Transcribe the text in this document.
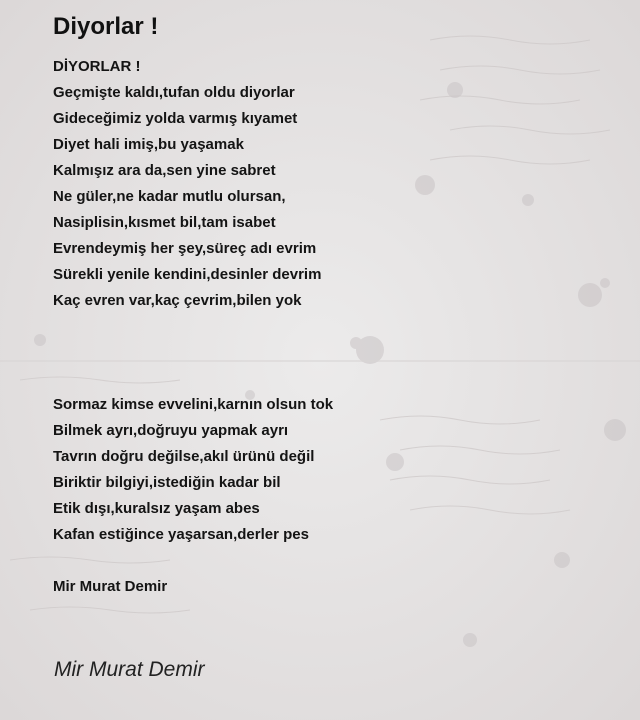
Diyorlar !
DİYORLAR !
Geçmişte kaldı,tufan oldu diyorlar
Gideceğimiz yolda varmış kıyamet
Diyet hali imiş,bu yaşamak
Kalmışız ara da,sen yine sabret
Ne güler,ne kadar mutlu olursan,
Nasiplisin,kısmet bil,tam isabet
Evrendeymiş her şey,süreç adı evrim
Sürekli yenile kendini,desinler devrim
Kaç evren var,kaç çevrim,bilen yok
Sormaz kimse evvelini,karnın olsun tok
Bilmek ayrı,doğruyu yapmak ayrı
Tavrın doğru değilse,akıl ürünü değil
Biriktir bilgiyi,istediğin kadar bil
Etik dışı,kuralsız yaşam abes
Kafan estiğince yaşarsan,derler pes
Mir Murat Demir
Mir Murat Demir
